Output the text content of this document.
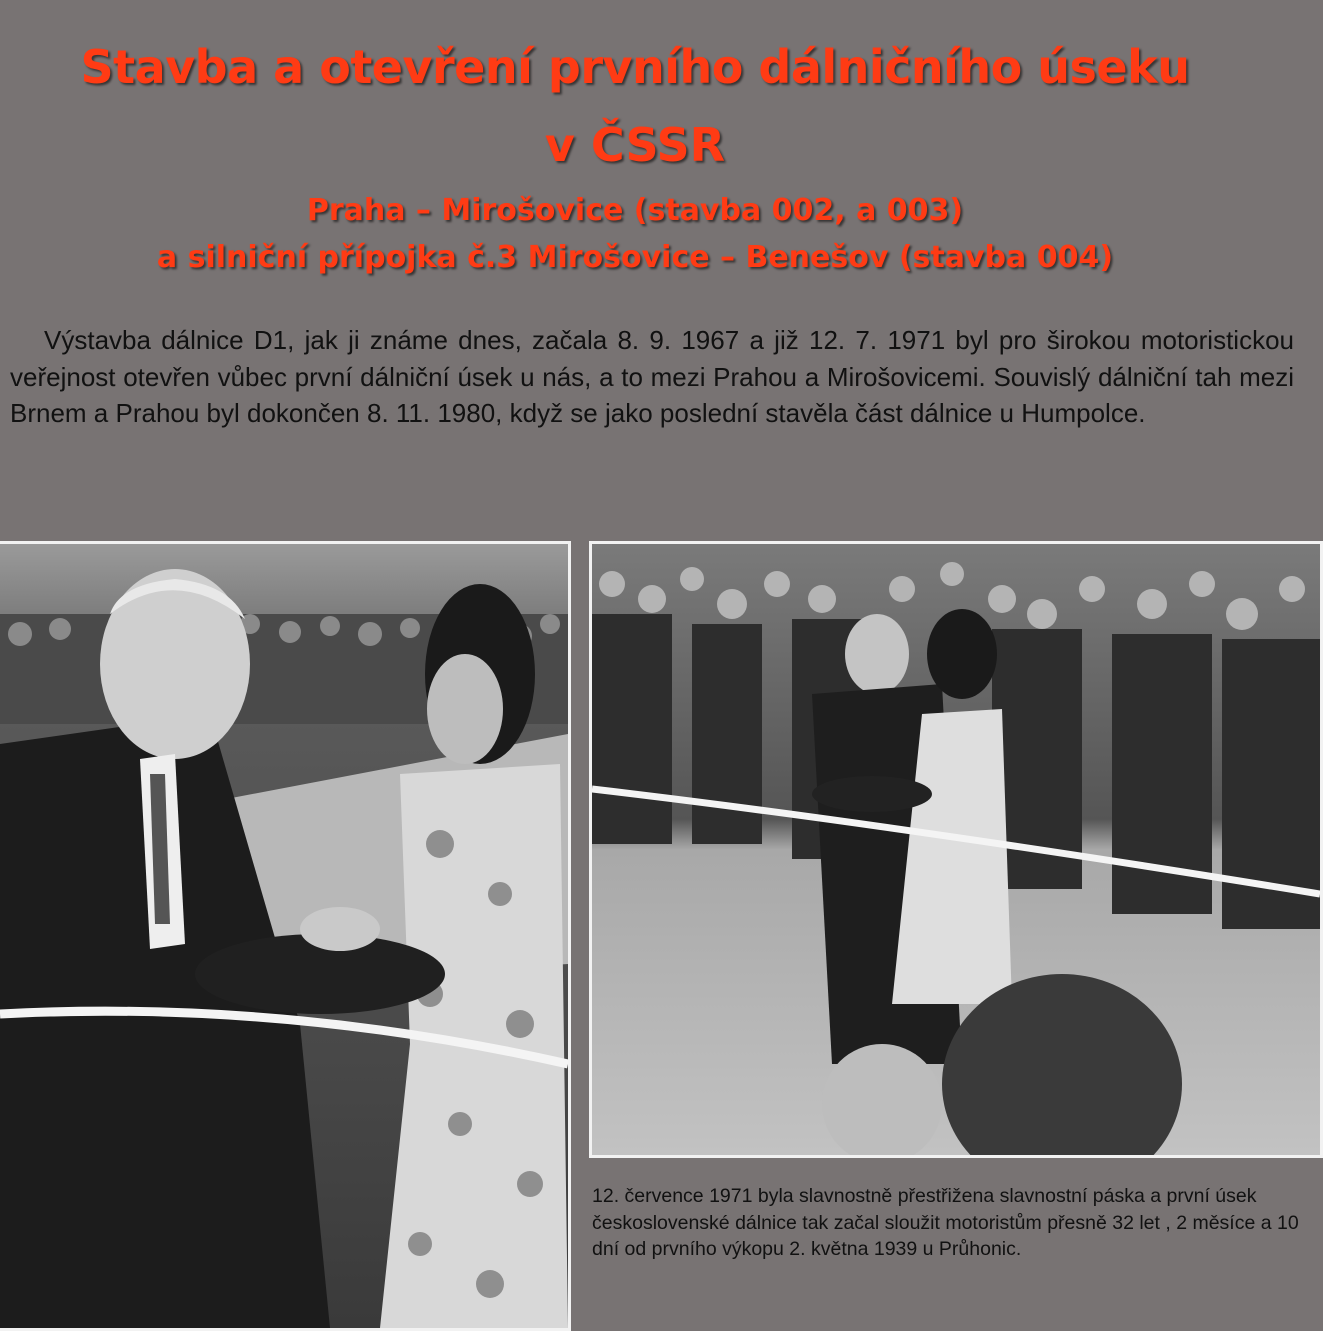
Stavba a otevření prvního dálničního úseku
v ČSSR
Praha – Mirošovice (stavba 002, a 003)
a silniční přípojka č.3 Mirošovice – Benešov (stavba 004)

Výstavba dálnice D1, jak ji známe dnes, začala 8. 9. 1967 a již 12. 7. 1971 byl pro širokou motoristickou veřejnost otevřen vůbec první dálniční úsek u nás, a to mezi Prahou a Mirošovicemi. Souvislý dálniční tah mezi Brnem a Prahou byl dokončen 8. 11. 1980, když se jako poslední stavěla část dálnice u Humpolce.

12. července 1971 byla slavnostně přestřižena slavnostní páska a první úsek československé dálnice tak začal sloužit motoristům přesně 32 let , 2 měsíce a 10 dní od prvního výkopu 2. května 1939 u Průhonic.
